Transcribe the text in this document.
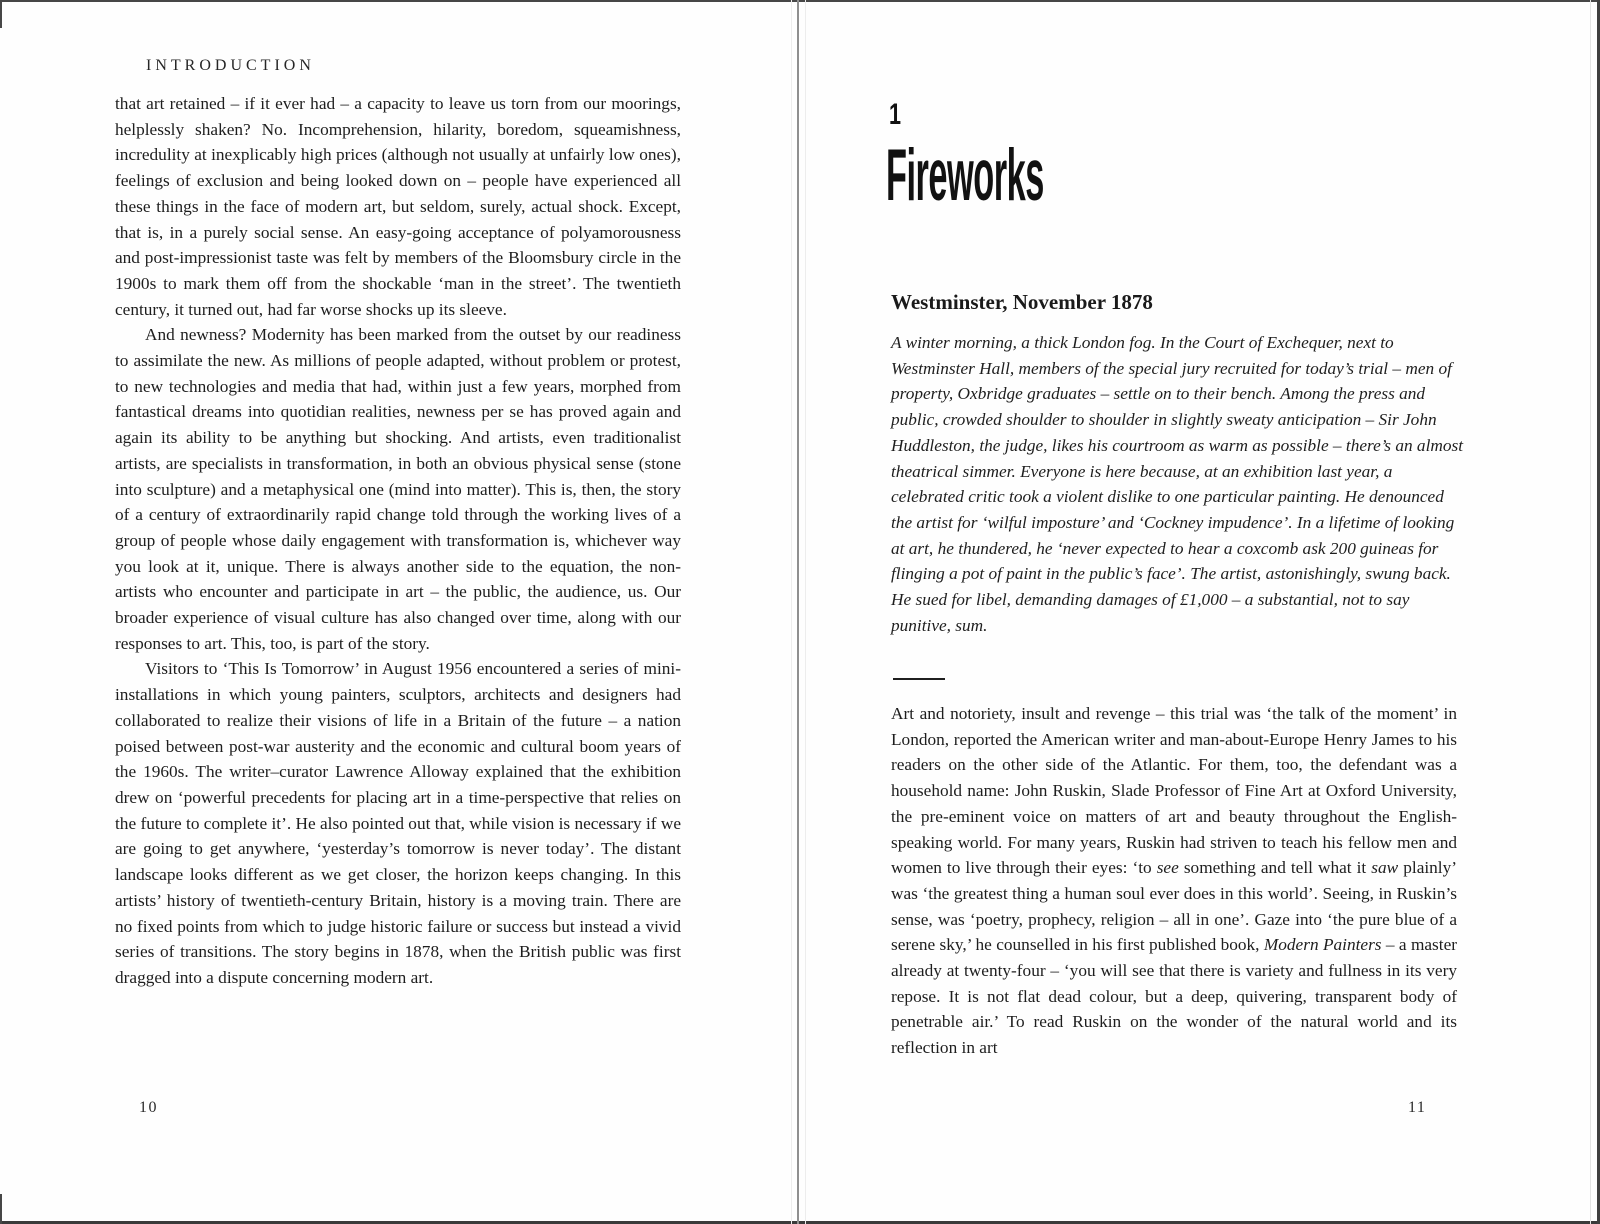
INTRODUCTION

that art retained – if it ever had – a capacity to leave us torn from our moorings, helplessly shaken? No. Incomprehension, hilarity, boredom, squeamishness, incredulity at inexplicably high prices (although not usually at unfairly low ones), feelings of exclusion and being looked down on – people have experienced all these things in the face of modern art, but seldom, surely, actual shock. Except, that is, in a purely social sense. An easy-going acceptance of polyamorousness and post-impressionist taste was felt by members of the Bloomsbury circle in the 1900s to mark them off from the shockable ‘man in the street’. The twentieth century, it turned out, had far worse shocks up its sleeve.

And newness? Modernity has been marked from the outset by our readiness to assimilate the new. As millions of people adapted, without problem or protest, to new technologies and media that had, within just a few years, morphed from fantastical dreams into quotidian realities, newness per se has proved again and again its ability to be anything but shocking. And artists, even traditionalist artists, are specialists in transformation, in both an obvious physical sense (stone into sculpture) and a metaphysical one (mind into matter). This is, then, the story of a century of extraordinarily rapid change told through the working lives of a group of people whose daily engagement with transformation is, whichever way you look at it, unique. There is always another side to the equation, the non-artists who encounter and participate in art – the public, the audience, us. Our broader experience of visual culture has also changed over time, along with our responses to art. This, too, is part of the story.

Visitors to ‘This Is Tomorrow’ in August 1956 encountered a series of mini-installations in which young painters, sculptors, architects and designers had collaborated to realize their visions of life in a Britain of the future – a nation poised between post-war austerity and the economic and cultural boom years of the 1960s. The writer–curator Lawrence Alloway explained that the exhibition drew on ‘powerful precedents for placing art in a time-perspective that relies on the future to complete it’. He also pointed out that, while vision is necessary if we are going to get anywhere, ‘yesterday’s tomorrow is never today’. The distant landscape looks different as we get closer, the horizon keeps changing. In this artists’ history of twentieth-century Britain, history is a moving train. There are no fixed points from which to judge historic failure or success but instead a vivid series of transitions. The story begins in 1878, when the British public was first dragged into a dispute concerning modern art.

10
1
Fireworks
Westminster, November 1878

A winter morning, a thick London fog. In the Court of Exchequer, next to Westminster Hall, members of the special jury recruited for today’s trial – men of property, Oxbridge graduates – settle on to their bench. Among the press and public, crowded shoulder to shoulder in slightly sweaty anticipation – Sir John Huddleston, the judge, likes his courtroom as warm as possible – there’s an almost theatrical simmer. Everyone is here because, at an exhibition last year, a celebrated critic took a violent dislike to one particular painting. He denounced the artist for ‘wilful imposture’ and ‘Cockney impudence’. In a lifetime of looking at art, he thundered, he ‘never expected to hear a coxcomb ask 200 guineas for flinging a pot of paint in the public’s face’. The artist, astonishingly, swung back. He sued for libel, demanding damages of £1,000 – a substantial, not to say punitive, sum.

Art and notoriety, insult and revenge – this trial was ‘the talk of the moment’ in London, reported the American writer and man-about-Europe Henry James to his readers on the other side of the Atlantic. For them, too, the defendant was a household name: John Ruskin, Slade Professor of Fine Art at Oxford University, the pre-eminent voice on matters of art and beauty throughout the English-speaking world. For many years, Ruskin had striven to teach his fellow men and women to live through their eyes: ‘to see something and tell what it saw plainly’ was ‘the greatest thing a human soul ever does in this world’. Seeing, in Ruskin’s sense, was ‘poetry, prophecy, religion – all in one’. Gaze into ‘the pure blue of a serene sky,’ he counselled in his first published book, Modern Painters – a master already at twenty-four – ‘you will see that there is variety and fullness in its very repose. It is not flat dead colour, but a deep, quivering, transparent body of penetrable air.’ To read Ruskin on the wonder of the natural world and its reflection in art

11
